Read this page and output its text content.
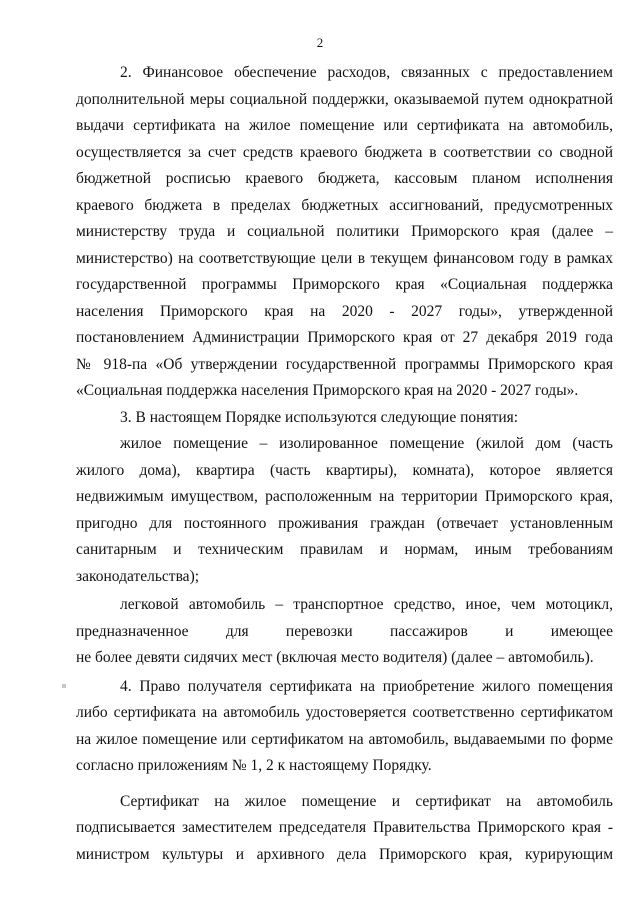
2
2. Финансовое обеспечение расходов, связанных с предоставлением
дополнительной меры социальной поддержки, оказываемой путем однократной
выдачи сертификата на жилое помещение или сертификата на автомобиль,
осуществляется за счет средств краевого бюджета в соответствии со сводной
бюджетной росписью краевого бюджета, кассовым планом исполнения
краевого бюджета в пределах бюджетных ассигнований, предусмотренных
министерству труда и социальной политики Приморского края (далее –
министерство) на соответствующие цели в текущем финансовом году в рамках
государственной программы Приморского края «Социальная поддержка
населения Приморского края на 2020 - 2027 годы», утвержденной
постановлением Администрации Приморского края от 27 декабря 2019 года
№ 918-па «Об утверждении государственной программы Приморского края
«Социальная поддержка населения Приморского края на 2020 - 2027 годы».
3. В настоящем Порядке используются следующие понятия:
жилое помещение – изолированное помещение (жилой дом (часть
жилого дома), квартира (часть квартиры), комната), которое является
недвижимым имуществом, расположенным на территории Приморского края,
пригодно для постоянного проживания граждан (отвечает установленным
санитарным и техническим правилам и нормам, иным требованиям
законодательства);
легковой автомобиль – транспортное средство, иное, чем мотоцикл,
предназначенное для перевозки пассажиров и имеющее
не более девяти сидячих мест (включая место водителя) (далее – автомобиль).
4. Право получателя сертификата на приобретение жилого помещения
либо сертификата на автомобиль удостоверяется соответственно сертификатом
на жилое помещение или сертификатом на автомобиль, выдаваемыми по форме
согласно приложениям № 1, 2 к настоящему Порядку.
Сертификат на жилое помещение и сертификат на автомобиль
подписывается заместителем председателя Правительства Приморского края -
министром культуры и архивного дела Приморского края, курирующим
